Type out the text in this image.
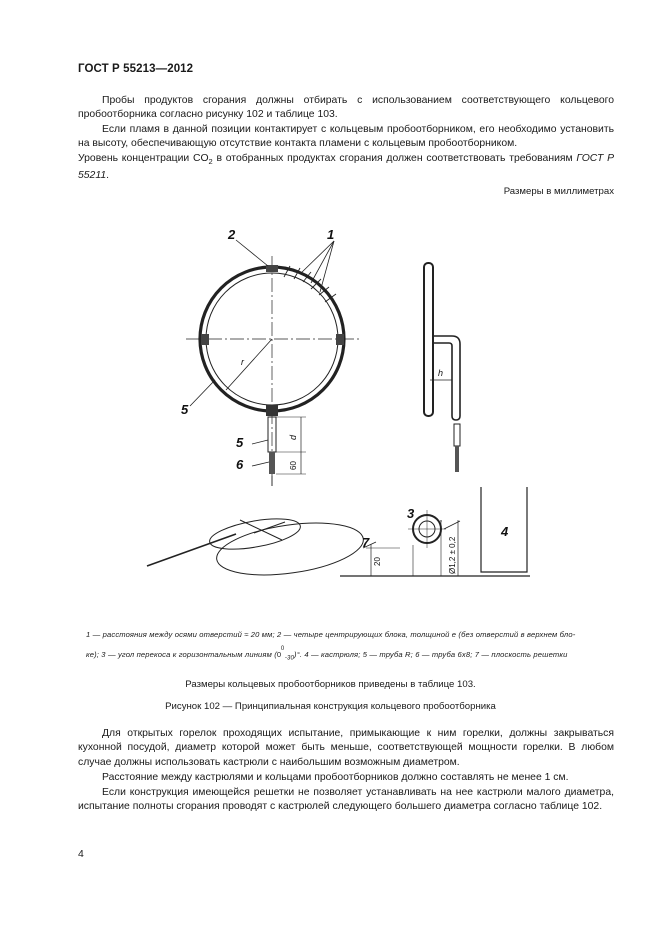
ГОСТ Р 55213—2012

Пробы продуктов сгорания должны отбирать с использованием соответствующего кольцевого пробоотборника согласно рисунку 102 и таблице 103.

Если пламя в данной позиции контактирует с кольцевым пробоотборником, его необходимо установить на высоту, обеспечивающую отсутствие контакта пламени с кольцевым пробоотборником.

Уровень концентрации $CO_2$ в отобранных продуктах сгорания должен соответствовать требованиям ГОСТ Р 55211.

Размеры в миллиметрах
2	1
5
5
6
3
7
4
r
h
d
60
20	Ø1,2 ± 0,2
1 — расстояния между осями отверстий ≈ 20 мм; 2 — четыре центрирующих блока, толщиной e (без отверстий в верхнем бло-
ке); 3 — угол перекоса к горизонтальным линиям (0
0
$_{-30}$)°. 4 — кастрюля; 5 — труба R; 6 — труба 6х8; 7 — плоскость решетки
Размеры кольцевых пробоотборников приведены в таблице 103.
Рисунок 102 — Принципиальная конструкция кольцевого пробоотборника

Для открытых горелок проходящих испытание, примыкающие к ним горелки, должны закрываться кухонной посудой, диаметр которой может быть меньше, соответствующей мощности горелки. В любом случае должны использовать кастрюли с наибольшим возможным диаметром.

Расстояние между кастрюлями и кольцами пробоотборников должно составлять не менее 1 см.

Если конструкция имеющейся решетки не позволяет устанавливать на нее кастрюли малого диаметра, испытание полноты сгорания проводят с кастрюлей следующего большего диаметра согласно таблице 102.

4
